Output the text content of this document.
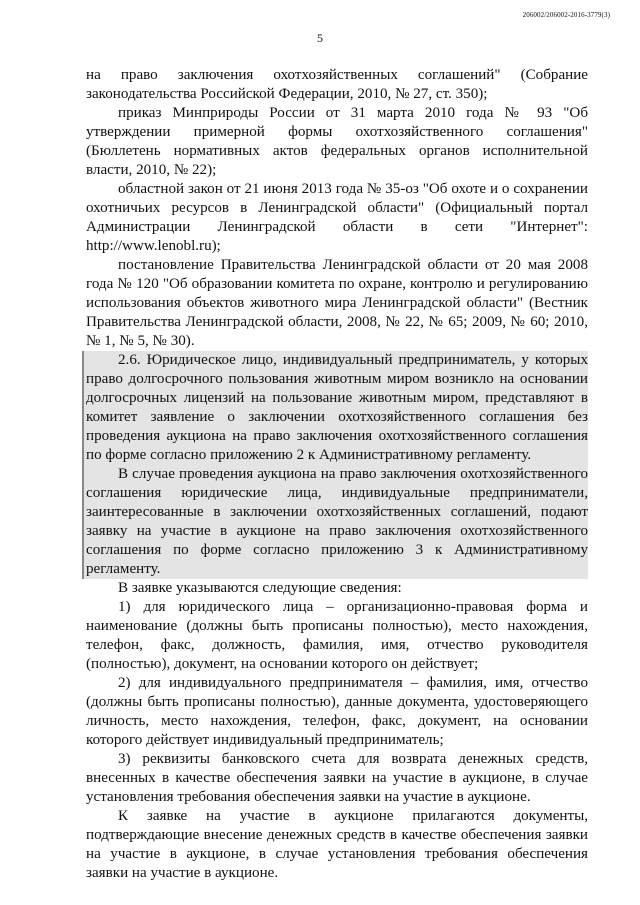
206002/206002-2016-3779(3)
5

на право заключения охотхозяйственных соглашений" (Собрание законодательства Российской Федерации, 2010, № 27, ст. 350);

приказ Минприроды России от 31 марта 2010 года № 93 "Об утверждении примерной формы охотхозяйственного соглашения" (Бюллетень нормативных актов федеральных органов исполнительной власти, 2010, № 22);

областной закон от 21 июня 2013 года № 35-оз "Об охоте и о сохранении охотничьих ресурсов в Ленинградской области" (Официальный портал Администрации Ленинградской области в сети "Интернет": http://www.lenobl.ru);

постановление Правительства Ленинградской области от 20 мая 2008 года № 120 "Об образовании комитета по охране, контролю и регулированию использования объектов животного мира Ленинградской области" (Вестник Правительства Ленинградской области, 2008, № 22, № 65; 2009, № 60; 2010, № 1, № 5, № 30).

2.6. Юридическое лицо, индивидуальный предприниматель, у которых право долгосрочного пользования животным миром возникло на основании долгосрочных лицензий на пользование животным миром, представляют в комитет заявление о заключении охотхозяйственного соглашения без проведения аукциона на право заключения охотхозяйственного соглашения по форме согласно приложению 2 к Административному регламенту.

В случае проведения аукциона на право заключения охотхозяйственного соглашения юридические лица, индивидуальные предприниматели, заинтересованные в заключении охотхозяйственных соглашений, подают заявку на участие в аукционе на право заключения охотхозяйственного соглашения по форме согласно приложению 3 к Административному регламенту.

В заявке указываются следующие сведения:

1) для юридического лица – организационно-правовая форма и наименование (должны быть прописаны полностью), место нахождения, телефон, факс, должность, фамилия, имя, отчество руководителя (полностью), документ, на основании которого он действует;

2) для индивидуального предпринимателя – фамилия, имя, отчество (должны быть прописаны полностью), данные документа, удостоверяющего личность, место нахождения, телефон, факс, документ, на основании которого действует индивидуальный предприниматель;

3) реквизиты банковского счета для возврата денежных средств, внесенных в качестве обеспечения заявки на участие в аукционе, в случае установления требования обеспечения заявки на участие в аукционе.

К заявке на участие в аукционе прилагаются документы, подтверждающие внесение денежных средств в качестве обеспечения заявки на участие в аукционе, в случае установления требования обеспечения заявки на участие в аукционе.
